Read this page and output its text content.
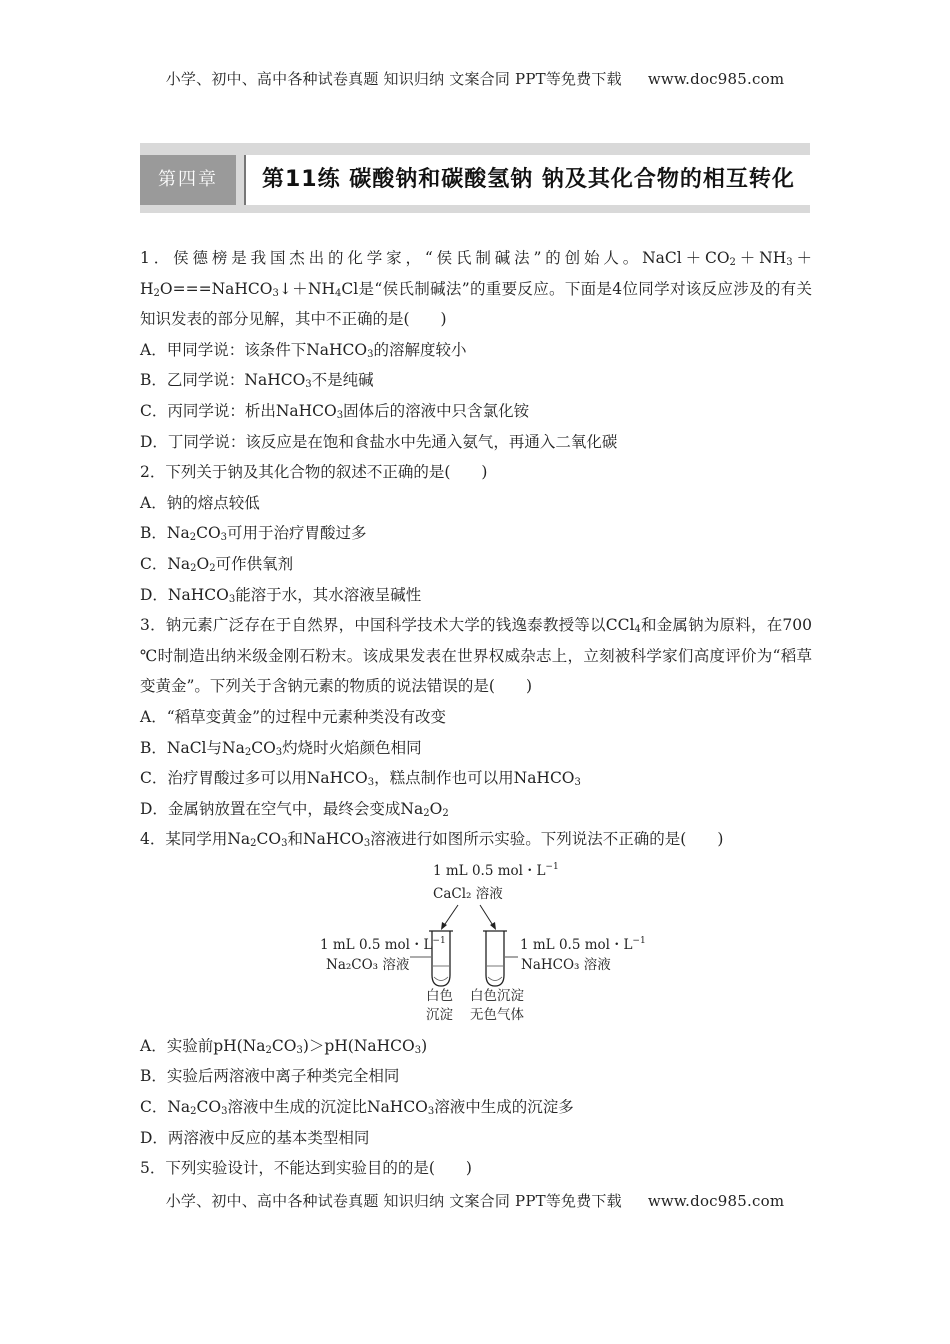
小学、初中、高中各种试卷真题 知识归纳 文案合同 PPT等免费下载 www.doc985.com
第四章	第11练 碳酸钠和碳酸氢钠 钠及其化合物的相互转化

1．侯德榜是我国杰出的化学家，“侯氏制碱法”的创始人。$NaCl+CO_2+NH_3+H_2O===NaHCO_3↓+NH_4Cl$是“侯氏制碱法”的重要反应。下面是4位同学对该反应涉及的有关知识发表的部分见解，其中不正确的是(　　)

A．甲同学说：该条件下NaHCO$_3$的溶解度较小

B．乙同学说：NaHCO$_3$不是纯碱

C．丙同学说：析出NaHCO$_3$固体后的溶液中只含氯化铵

D．丁同学说：该反应是在饱和食盐水中先通入氨气，再通入二氧化碳

2．下列关于钠及其化合物的叙述不正确的是(　　)

A．钠的熔点较低

B．$Na_2CO_3$可用于治疗胃酸过多

C．$Na_2O_2$可作供氧剂

D．NaHCO$_3$能溶于水，其水溶液呈碱性

3．钠元素广泛存在于自然界，中国科学技术大学的钱逸泰教授等以CCl$_4$和金属钠为原料，在700 ℃时制造出纳米级金刚石粉末。该成果发表在世界权威杂志上，立刻被科学家们高度评价为“稻草变黄金”。下列关于含钠元素的物质的说法错误的是(　　)

A．“稻草变黄金”的过程中元素种类没有改变

B．NaCl与$Na_2CO_3$灼烧时火焰颜色相同

C．治疗胃酸过多可以用NaHCO$_3$，糕点制作也可以用NaHCO$_3$

D．金属钠放置在空气中，最终会变成$Na_2O_2$

4．某同学用$Na_2CO_3$和NaHCO$_3$溶液进行如图所示实验。下列说法不正确的是(　　)

1 mL 0.5 mol・$L^{-1}$
CaCl₂ 溶液
1 mL 0.5 mol・$L^{-1}$
Na₂CO₃ 溶液
1 mL 0.5 mol・$L^{-1}$
NaHCO₃ 溶液
白色
沉淀
白色沉淀
无色气体

A．实验前$pH(Na_2CO_3)>pH(NaHCO_3)$

B．实验后两溶液中离子种类完全相同

C．$Na_2CO_3$溶液中生成的沉淀比NaHCO$_3$溶液中生成的沉淀多

D．两溶液中反应的基本类型相同

5．下列实验设计，不能达到实验目的的是(　　)

小学、初中、高中各种试卷真题 知识归纳 文案合同 PPT等免费下载 www.doc985.com
